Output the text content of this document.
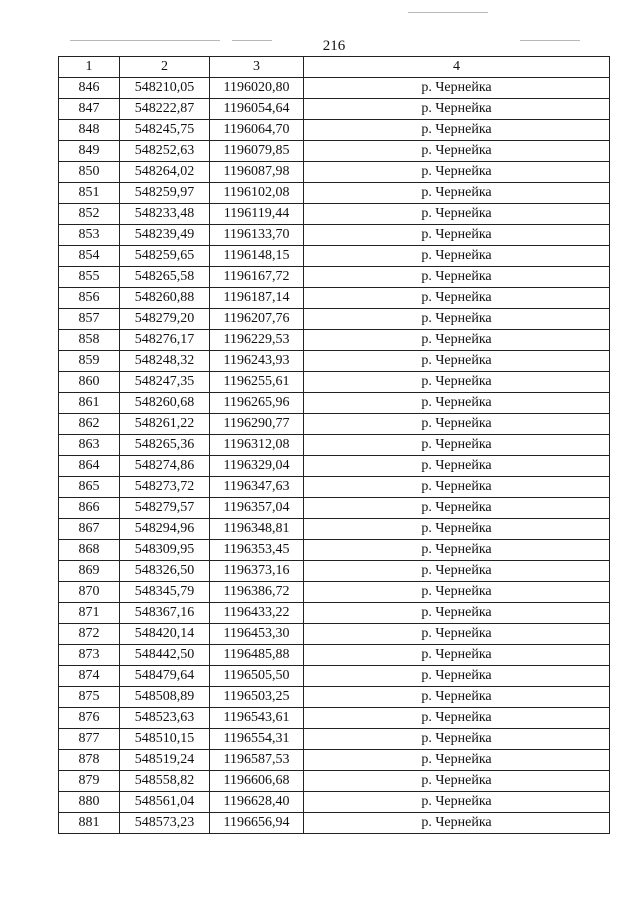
216
1	2	3	4
846	548210,05	1196020,80	р. Чернейка
847	548222,87	1196054,64	р. Чернейка
848	548245,75	1196064,70	р. Чернейка
849	548252,63	1196079,85	р. Чернейка
850	548264,02	1196087,98	р. Чернейка
851	548259,97	1196102,08	р. Чернейка
852	548233,48	1196119,44	р. Чернейка
853	548239,49	1196133,70	р. Чернейка
854	548259,65	1196148,15	р. Чернейка
855	548265,58	1196167,72	р. Чернейка
856	548260,88	1196187,14	р. Чернейка
857	548279,20	1196207,76	р. Чернейка
858	548276,17	1196229,53	р. Чернейка
859	548248,32	1196243,93	р. Чернейка
860	548247,35	1196255,61	р. Чернейка
861	548260,68	1196265,96	р. Чернейка
862	548261,22	1196290,77	р. Чернейка
863	548265,36	1196312,08	р. Чернейка
864	548274,86	1196329,04	р. Чернейка
865	548273,72	1196347,63	р. Чернейка
866	548279,57	1196357,04	р. Чернейка
867	548294,96	1196348,81	р. Чернейка
868	548309,95	1196353,45	р. Чернейка
869	548326,50	1196373,16	р. Чернейка
870	548345,79	1196386,72	р. Чернейка
871	548367,16	1196433,22	р. Чернейка
872	548420,14	1196453,30	р. Чернейка
873	548442,50	1196485,88	р. Чернейка
874	548479,64	1196505,50	р. Чернейка
875	548508,89	1196503,25	р. Чернейка
876	548523,63	1196543,61	р. Чернейка
877	548510,15	1196554,31	р. Чернейка
878	548519,24	1196587,53	р. Чернейка
879	548558,82	1196606,68	р. Чернейка
880	548561,04	1196628,40	р. Чернейка
881	548573,23	1196656,94	р. Чернейка
